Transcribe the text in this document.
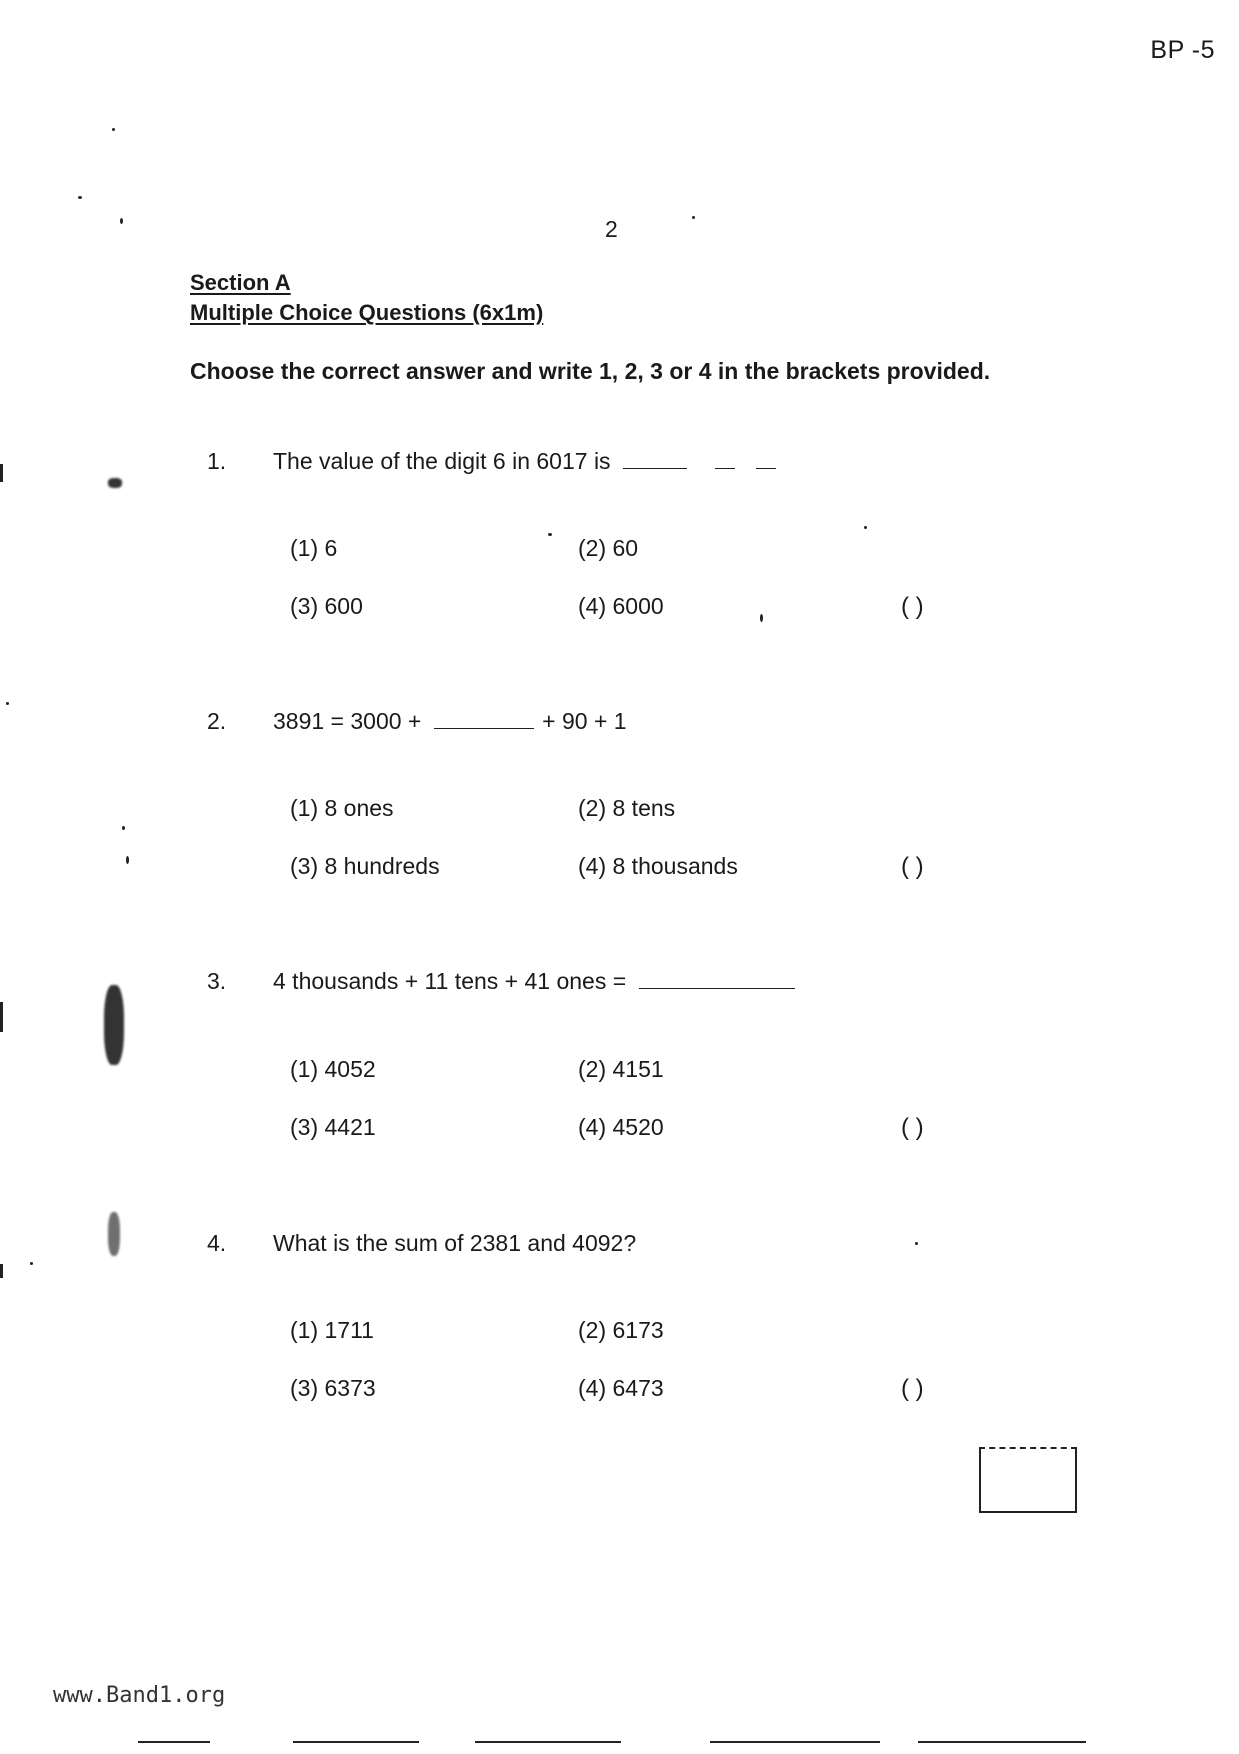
BP -5
2
Section A
Multiple Choice Questions (6x1m)
Choose the correct answer and write 1, 2, 3 or 4 in the brackets provided.
1. The value of the digit 6 in 6017 is
(1) 6	(2) 60
(3) 600	(4) 6000	( )
2. 3891 = 3000 +	+ 90 + 1
(1) 8 ones	(2) 8 tens
(3) 8 hundreds	(4) 8 thousands	( )
3. 4 thousands + 11 tens + 41 ones =
(1) 4052	(2) 4151
(3) 4421	(4) 4520	( )
4. What is the sum of 2381 and 4092?
(1) 1711	(2) 6173
(3) 6373	(4) 6473	( )
www.Band1.org
